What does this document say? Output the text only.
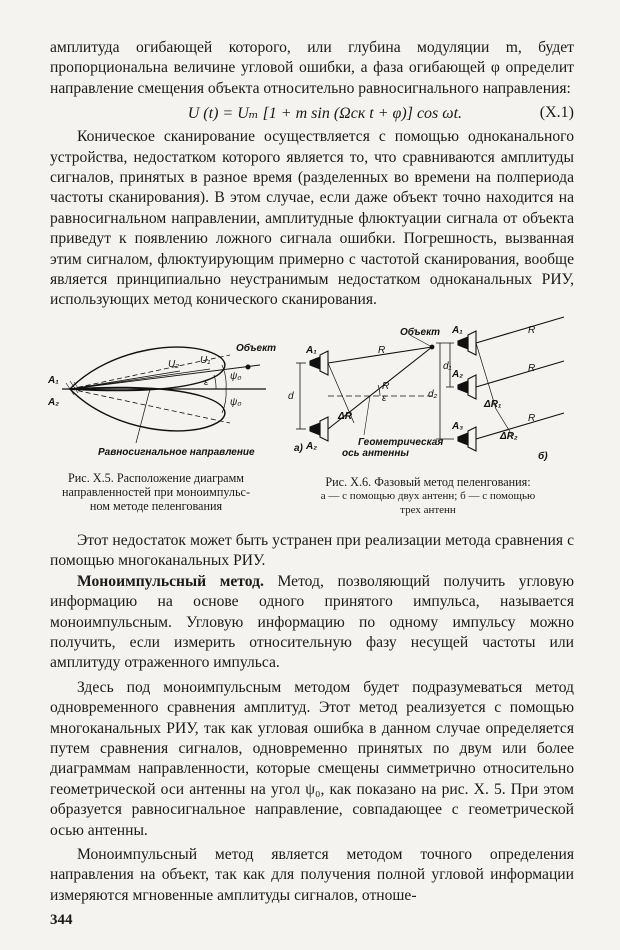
амплитуда огибающей которого, или глубина модуляции m, будет пропорциональна величине угловой ошибки, а фаза огибающей φ определит направление смещения объекта относительно равносигнального направления:

U (t) = Uₘ [1 + m sin (Ωск t + φ)] cos ωt.	(X.1)

Коническое сканирование осуществляется с помощью одноканального устройства, недостатком которого является то, что сравниваются амплитуды сигналов, принятых в разное время (разделенных во времени на полпериода частоты сканирования). В этом случае, если даже объект точно находится на равносигнальном направлении, амплитудные флюктуации сигнала от объекта приведут к появлению ложного сигнала ошибки. Погрешность, вызванная этим сигналом, флюктуирующим примерно с частотой сканирования, вообще является принципиально неустранимым недостатком одноканальных РИУ, использующих метод конического сканирования.

Объект
A₁
A₂
U₂ U₁
ε
ψ₀
ψ₀
Равносигнальное направление
Рис. X.5. Расположение диаграмм
направленностей при моноимпульс-
ном методе пеленгования
Объект
R
R
A₁
A₂
d	ε
ΔR
Геометрическая
ось антенны
а)
A₁
A₂
A₃
d₁
d₂
R
R
R
ΔR₁
ΔR₂
б)
Рис. X.6. Фазовый метод пеленгования:
а — с помощью двух антенн; б — с помощью
трех антенн

Этот недостаток может быть устранен при реализации метода сравнения с помощью многоканальных РИУ.

Моноимпульсный метод. Метод, позволяющий получить угловую информацию на основе одного принятого импульса, называется моноимпульсным. Угловую информацию по одному импульсу можно получить, если измерить относительную фазу несущей частоты или амплитуду отраженного импульса.

Здесь под моноимпульсным методом будет подразумеваться метод одновременного сравнения амплитуд. Этот метод реализуется с помощью многоканальных РИУ, так как угловая ошибка в данном случае определяется путем сравнения сигналов, одновременно принятых по двум или более диаграммам направленности, которые смещены симметрично относительно геометрической оси антенны на угол ψ₀, как показано на рис. X. 5. При этом образуется равносигнальное направление, совпадающее с геометрической осью антенны.

Моноимпульсный метод является методом точного определения направления на объект, так как для получения полной угловой информации измеряются мгновенные амплитуды сигналов, отноше-

344
